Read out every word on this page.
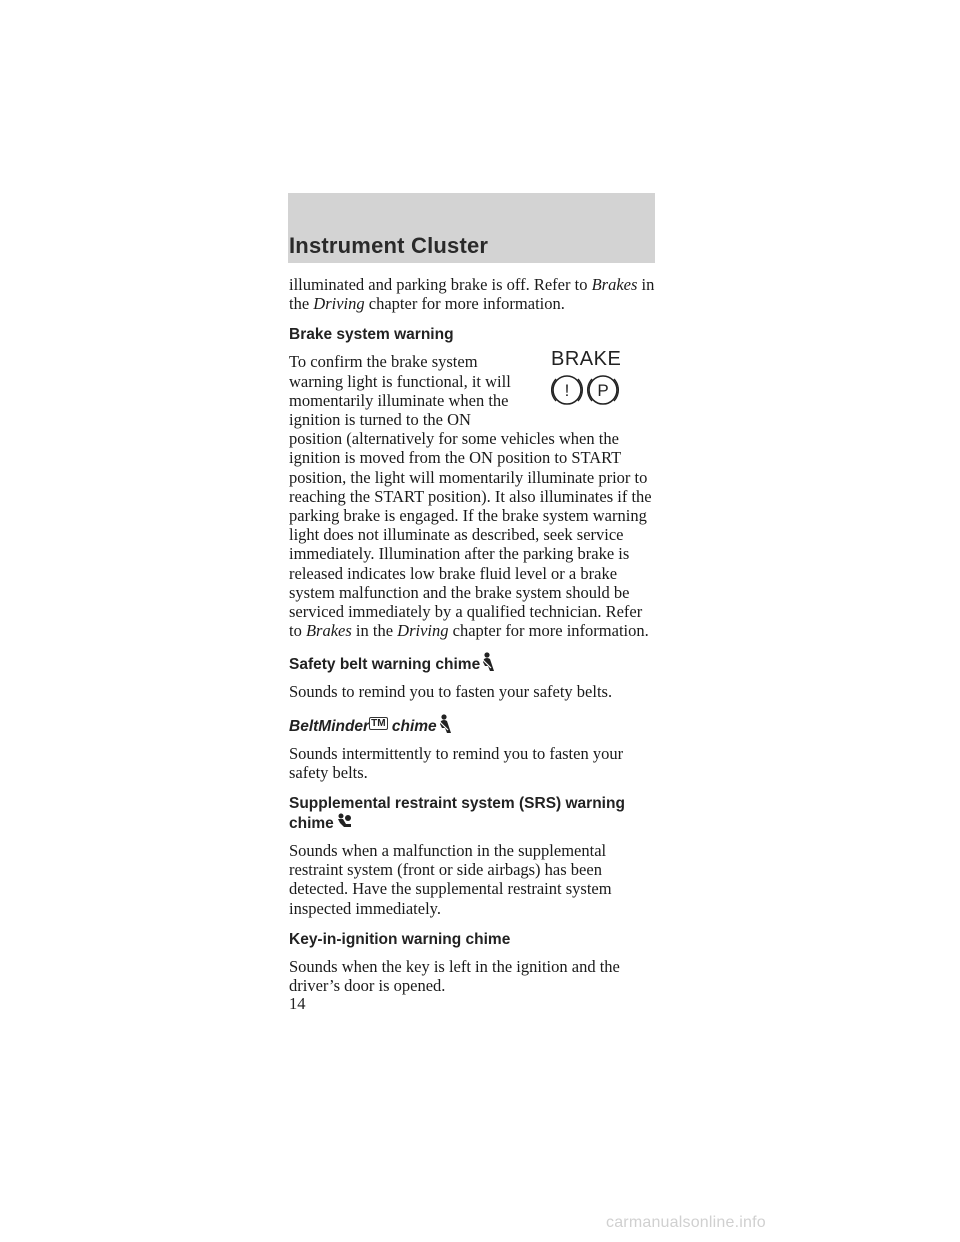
Instrument Cluster

illuminated and parking brake is off. Refer to Brakes in the Driving chapter for more information.

Brake system warning
BRAKE
! P

To confirm the brake system warning light is functional, it will momentarily illuminate when the ignition is turned to the ON position (alternatively for some vehicles when the ignition is moved from the ON position to START position, the light will momentarily illuminate prior to reaching the START position). It also illuminates if the parking brake is engaged. If the brake system warning light does not illuminate as described, seek service immediately. Illumination after the parking brake is released indicates low brake fluid level or a brake system malfunction and the brake system should be serviced immediately by a qualified technician. Refer to Brakes in the Driving chapter for more information.

Safety belt warning chime

Sounds to remind you to fasten your safety belts.

BeltMinder ™ chime

Sounds intermittently to remind you to fasten your safety belts.

Supplemental restraint system (SRS) warning chime

Sounds when a malfunction in the supplemental restraint system (front or side airbags) has been detected. Have the supplemental restraint system inspected immediately.

Key-in-ignition warning chime

Sounds when the key is left in the ignition and the driver’s door is opened.

14
carmanualsonline.info
